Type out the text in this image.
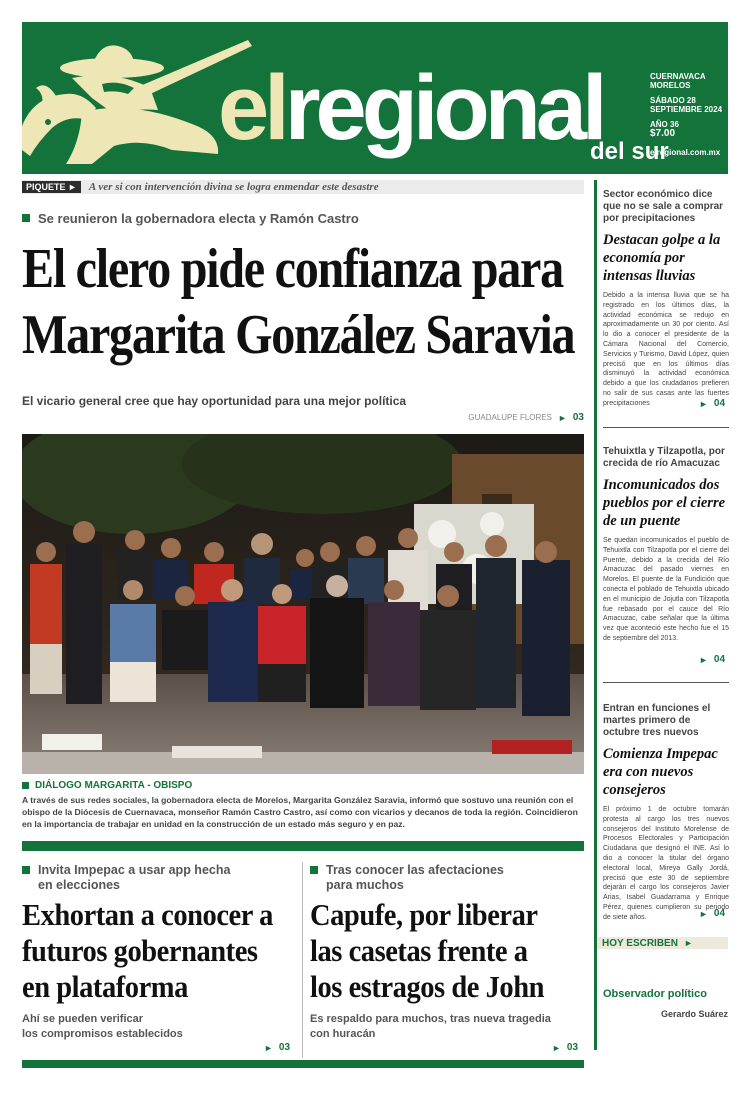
elregional
del sur
CUERNAVACA
MORELOS
SÁBADO 28
SEPTIEMBRE 2024
AÑO 36
$7.00
elregional.com.mx
PIQUETE ►	A ver si con intervención divina se logra enmendar este desastre
Se reunieron la gobernadora electa y Ramón Castro
El clero pide confianza para
Margarita González Saravia
El vicario general cree que hay oportunidad para una mejor política
GUADALUPE FLORES ► 03
DIÁLOGO MARGARITA - OBISPO
A través de sus redes sociales, la gobernadora electa de Morelos, Margarita González Saravia, informó que sostuvo una reunión con el obispo de la Diócesis de Cuernavaca, monseñor Ramón Castro Castro, así como con vicarios y decanos de toda la región. Coincidieron en la importancia de trabajar en unidad en la construcción de un estado más seguro y en paz.
Invita Impepac a usar app hecha
en elecciones
Exhortan a conocer a
futuros gobernantes
en plataforma
Ahí se pueden verificar
los compromisos establecidos
► 03
Tras conocer las afectaciones
para muchos
Capufe, por liberar
las casetas frente a
los estragos de John
Es respaldo para muchos, tras nueva tragedia
con huracán
► 03
Sector económico dice que no se sale a comprar por precipitaciones
Destacan golpe a la economía por intensas lluvias
Debido a la intensa lluvia que se ha registrado en los últimos días, la actividad económica se redujo en aproximadamente un 30 por ciento. Así lo dio a conocer el presidente de la Cámara Nacional del Comercio, Servicios y Turismo, David López, quien precisó que en los últimos días disminuyó la actividad económica debido a que los ciudadanos prefieren no salir de sus casas ante las fuertes precipitaciones	► 04
Tehuixtla y Tilzapotla, por crecida de río Amacuzac
Incomunicados dos pueblos por el cierre de un puente
Se quedan incomunicados el pueblo de Tehuixtla con Tilzapotla por el cierre del Puente, debido a la crecida del Río Amacuzac del pasado viernes en Morelos. El puente de la Fundición que conecta el poblado de Tehuixtla ubicado en el municipio de Jojutla con Tilzapotla fue rebasado por el cauce del Río Amacuzac, cabe señalar que la última vez que aconteció este hecho fue el 15 de septiembre del 2013.
► 04
Entran en funciones el martes primero de octubre tres nuevos
Comienza Impepac era con nuevos consejeros
El próximo 1 de octubre tomarán protesta al cargo los tres nuevos consejeros del Instituto Morelense de Procesos Electorales y Participación Ciudadana que designó el INE. Así lo dio a conocer la titular del órgano electoral local, Mireya Gally Jordá, precisó que este 30 de septiembre dejarán el cargo los consejeros Javier Arias, Isabel Guadarrama y Enrique Pérez, quienes cumplieron su periodo de siete años.	► 04
HOY ESCRIBEN ►
Observador político
Gerardo Suárez
